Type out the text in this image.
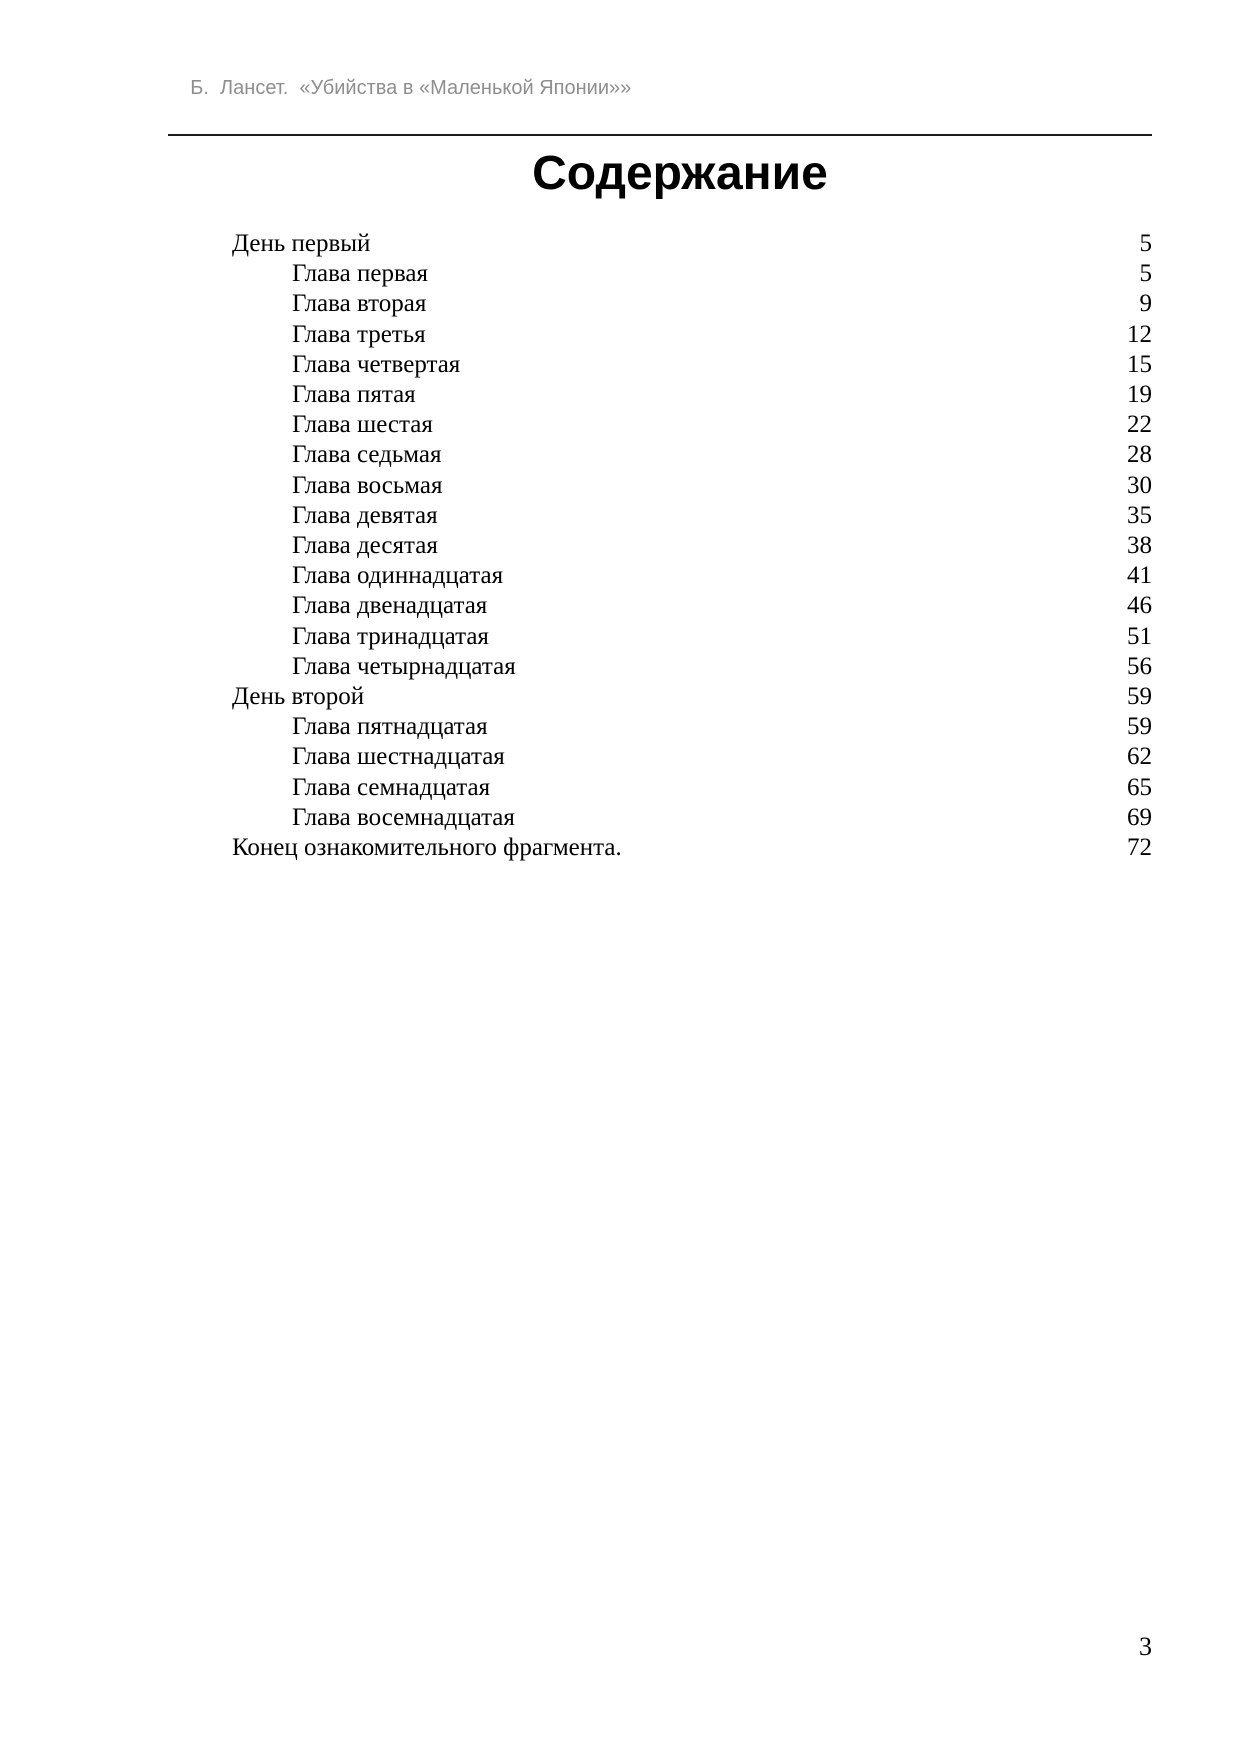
Б.  Лансет.  «Убийства в «Маленькой Японии»»

Содержание
День первый	5
Глава первая	5
Глава вторая	9
Глава третья	12
Глава четвертая	15
Глава пятая	19
Глава шестая	22
Глава седьмая	28
Глава восьмая	30
Глава девятая	35
Глава десятая	38
Глава одиннадцатая	41
Глава двенадцатая	46
Глава тринадцатая	51
Глава четырнадцатая	56
День второй	59
Глава пятнадцатая	59
Глава шестнадцатая	62
Глава семнадцатая	65
Глава восемнадцатая	69
Конец ознакомительного фрагмента.	72
3
